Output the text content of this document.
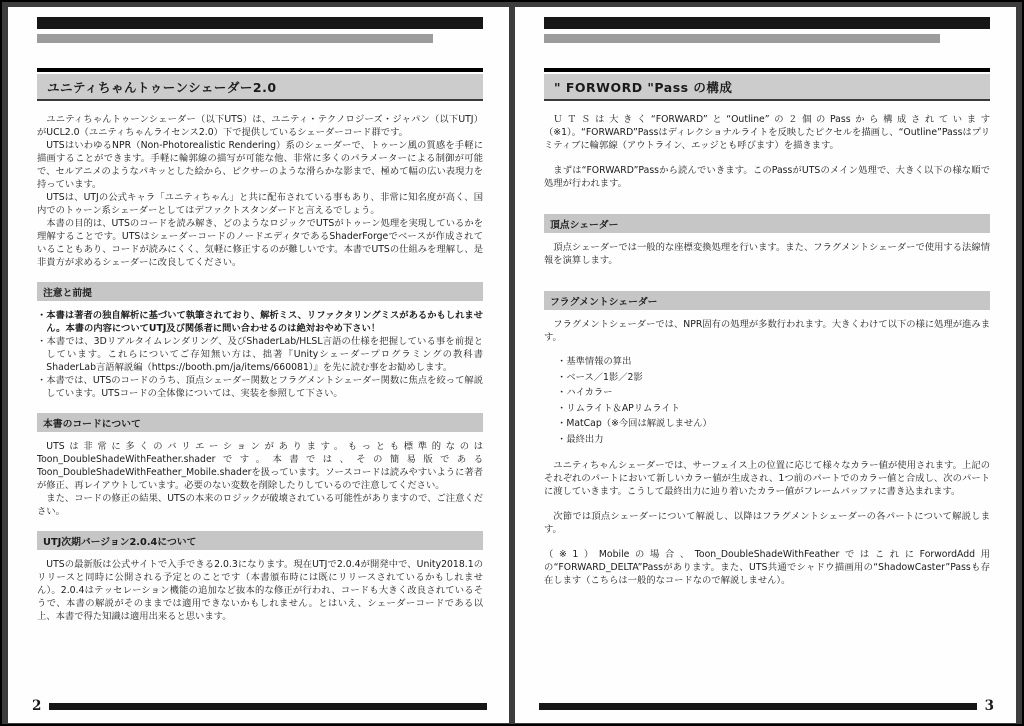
ユニティちゃんトゥーンシェーダー2.0

ユニティちゃんトゥーンシェーダー（以下UTS）は、ユニティ・テクノロジーズ・ジャパン（以下UTJ）がUCL2.0（ユニティちゃんライセンス2.0）下で提供しているシェーダーコード群です。

UTSはいわゆるNPR（Non-Photorealistic Rendering）系のシェーダーで、トゥーン風の質感を手軽に描画することができます。手軽に輪郭線の描写が可能な他、非常に多くのパラメーターによる制御が可能で、セルアニメのようなパキッとした絵から、ピクサーのような滑らかな影まで、極めて幅の広い表現力を持っています。

UTSは、UTJの公式キャラ「ユニティちゃん」と共に配布されている事もあり、非常に知名度が高く、国内でのトゥーン系シェーダーとしてはデファクトスタンダードと言えるでしょう。

本書の目的は、UTSのコードを読み解き、どのようなロジックでUTSがトゥーン処理を実現しているかを理解することです。UTSはシェーダーコードのノードエディタであるShaderForgeでベースが作成されていることもあり、コードが読みにくく、気軽に修正するのが難しいです。本書でUTSの仕組みを理解し、是非貴方が求めるシェーダーに改良してください。

注意と前提

・本書は著者の独自解析に基づいて執筆されており、解析ミス、リファクタリングミスがあるかもしれません。本書の内容についてUTJ及び関係者に問い合わせるのは絶対おやめ下さい！

・本書では、3Dリアルタイムレンダリング、及びShaderLab/HLSL言語の仕様を把握している事を前提としています。これらについてご存知無い方は、拙著『Unityシェーダープログラミングの教科書 ShaderLab言語解説編（https://booth.pm/ja/items/660081）』を先に読む事をお勧めします。

・本書では、UTSのコードのうち、頂点シェーダー関数とフラグメントシェーダー関数に焦点を絞って解説しています。UTSコードの全体像については、実装を参照して下さい。

本書のコードについて

UTSは非常に多くのバリエーションがあります。もっとも標準的なのはToon_DoubleShadeWithFeather.shaderです。本書では、その簡易版であるToon_DoubleShadeWithFeather_Mobile.shaderを扱っています。ソースコードは読みやすいように著者が修正、再レイアウトしています。必要のない変数を削除したりしているので注意してください。

また、コードの修正の結果、UTSの本来のロジックが破壊されている可能性がありますので、ご注意ください。

UTJ次期バージョン2.0.4について

UTSの最新版は公式サイトで入手できる2.0.3になります。現在UTJで2.0.4が開発中で、Unity2018.1のリリースと同時に公開される予定とのことです（本書頒布時には既にリリースされているかもしれません）。2.0.4はテッセレーション機能の追加など抜本的な修正が行われ、コードも大きく改良されているそうで、本書の解説がそのままでは適用できないかもしれません。とはいえ、シェーダーコードである以上、本書で得た知識は適用出来ると思います。

2
" FORWORD "Pass の構成

ＵＴＳは大きく“FORWARD”と“Outline”の２個のPassから構成されています（※1）。“FORWARD”Passはディレクショナルライトを反映したピクセルを描画し、“Outline”Passはプリミティブに輪郭線（アウトライン、エッジとも呼びます）を描きます。

まずは“FORWARD”Passから読んでいきます。このPassがUTSのメイン処理で、大きく以下の様な順で処理が行われます。

頂点シェーダー

頂点シェーダーでは一般的な座標変換処理を行います。また、フラグメントシェーダーで使用する法線情報を演算します。

フラグメントシェーダー

フラグメントシェーダーでは、NPR固有の処理が多数行われます。大きくわけて以下の様に処理が進みます。

・基準情報の算出
・ベース／1影／2影
・ハイカラー
・リムライト＆APリムライト
・MatCap（※今回は解説しません）
・最終出力

ユニティちゃんシェーダーでは、サーフェイス上の位置に応じて様々なカラー値が使用されます。上記のそれぞれのパートにおいて新しいカラー値が生成され、1つ前のパートでのカラー値と合成し、次のパートに渡していきます。こうして最終出力に辿り着いたカラー値がフレームバッファに書き込まれます。

次節では頂点シェーダーについて解説し、以降はフラグメントシェーダーの各パートについて解説します。

（※1）Mobileの場合、Toon_DoubleShadeWithFeatherではこれにForwordAdd用の“FORWARD_DELTA”Passがあります。また、UTS共通でシャドウ描画用の“ShadowCaster”Passも存在します（こちらは一般的なコードなので解説しません）。

3
